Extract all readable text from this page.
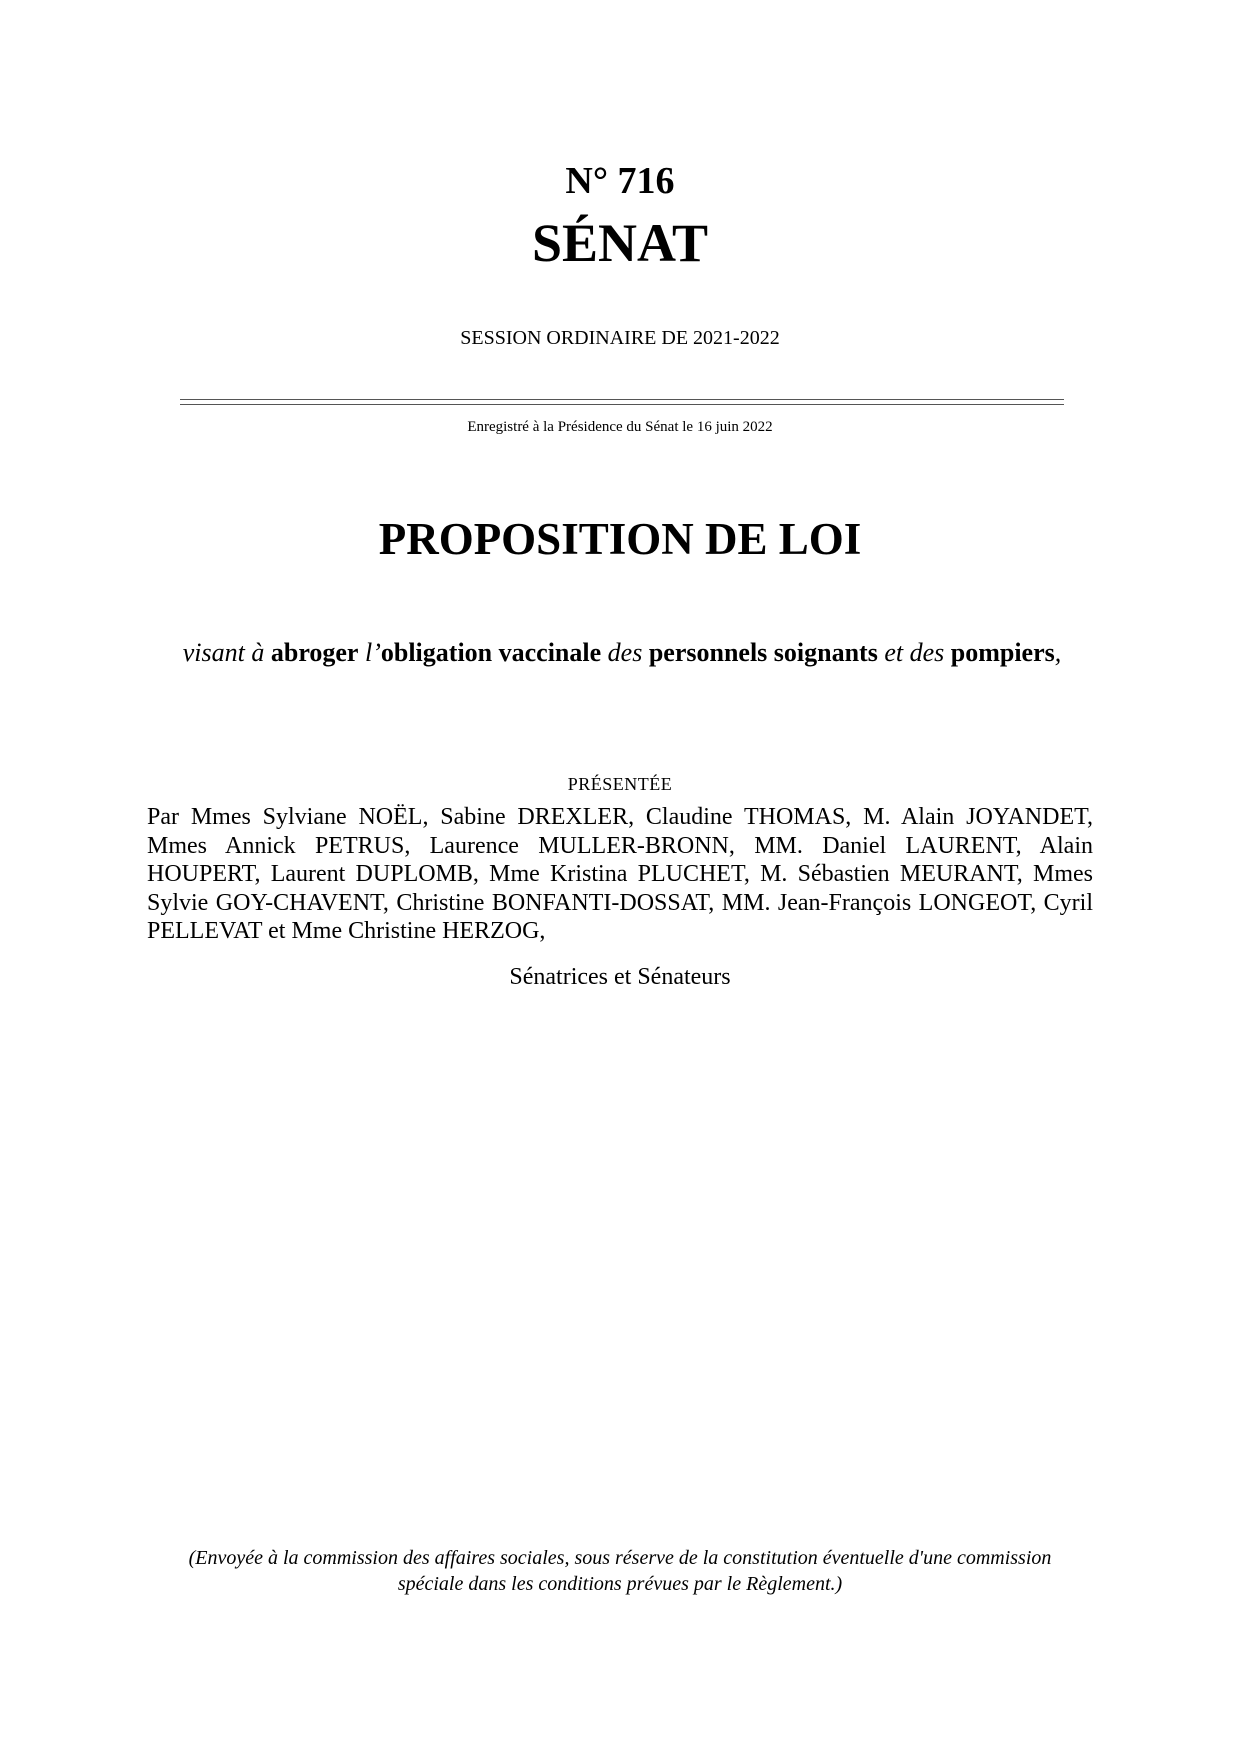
N° 716
SÉNAT
SESSION ORDINAIRE DE 2021-2022
Enregistré à la Présidence du Sénat le 16 juin 2022
PROPOSITION DE LOI
visant à abroger l’obligation vaccinale des personnels soignants et des pompiers,
PRÉSENTÉE
Par Mmes Sylviane NOËL, Sabine DREXLER, Claudine THOMAS, M. Alain JOYANDET, Mmes Annick PETRUS, Laurence MULLER-BRONN, MM. Daniel LAURENT, Alain HOUPERT, Laurent DUPLOMB, Mme Kristina PLUCHET, M. Sébastien MEURANT, Mmes Sylvie GOY-CHAVENT, Christine BONFANTI-DOSSAT, MM. Jean-François LONGEOT, Cyril PELLEVAT et Mme Christine HERZOG,
Sénatrices et Sénateurs
(Envoyée à la commission des affaires sociales, sous réserve de la constitution éventuelle d'une commission spéciale dans les conditions prévues par le Règlement.)
